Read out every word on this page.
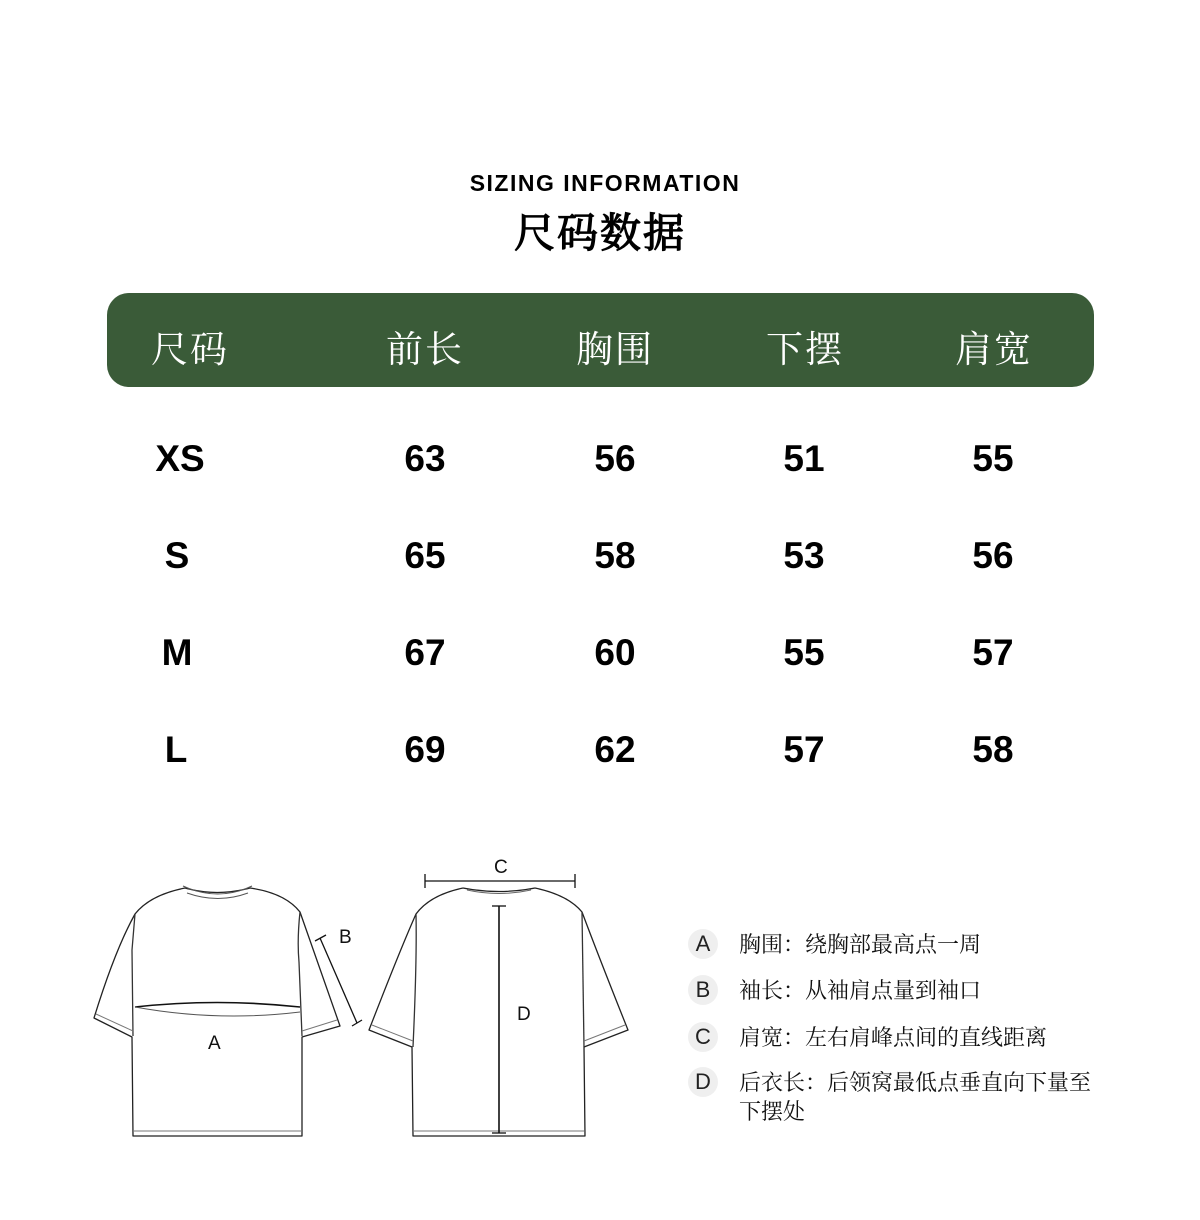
SIZING INFORMATION
尺码数据
尺码	前长	胸围	下摆	肩宽
XS	63	56	51	55
S	65	58	53	56
M	67	60	55	57
L	69	62	57	58
A
B
C
D
A	胸围：绕胸部最高点一周
B	袖长：从袖肩点量到袖口
C	肩宽：左右肩峰点间的直线距离
D	后衣长：后领窝最低点垂直向下量至下摆处
